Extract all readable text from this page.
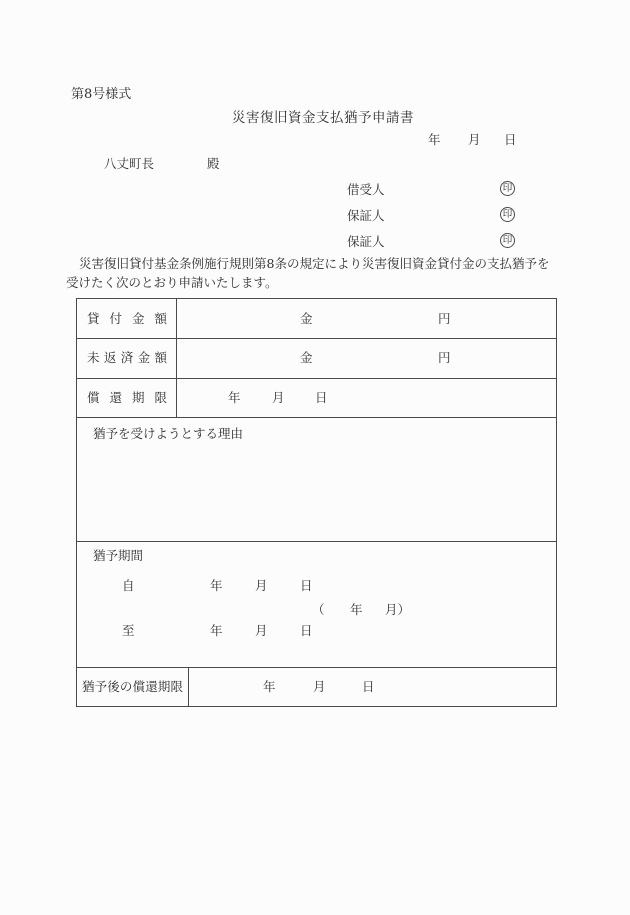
第8号様式
災害復旧資金支払猶予申請書
年 月 日
八丈町長	殿
借受人	印
保証人	印
保証人	印
災害復旧貸付基金条例施行規則第8条の規定により災害復旧資金貸付金の支払猶予を受けたく次のとおり申請いたします。
貸付金額	金	円
未返済金額	金	円
償還期限	年	月 日
猶予を受けようとする理由
猶予期間
自	年	月	日
（ 年 月）
至	年	月	日
猶予後の償還期限	年	月	日
